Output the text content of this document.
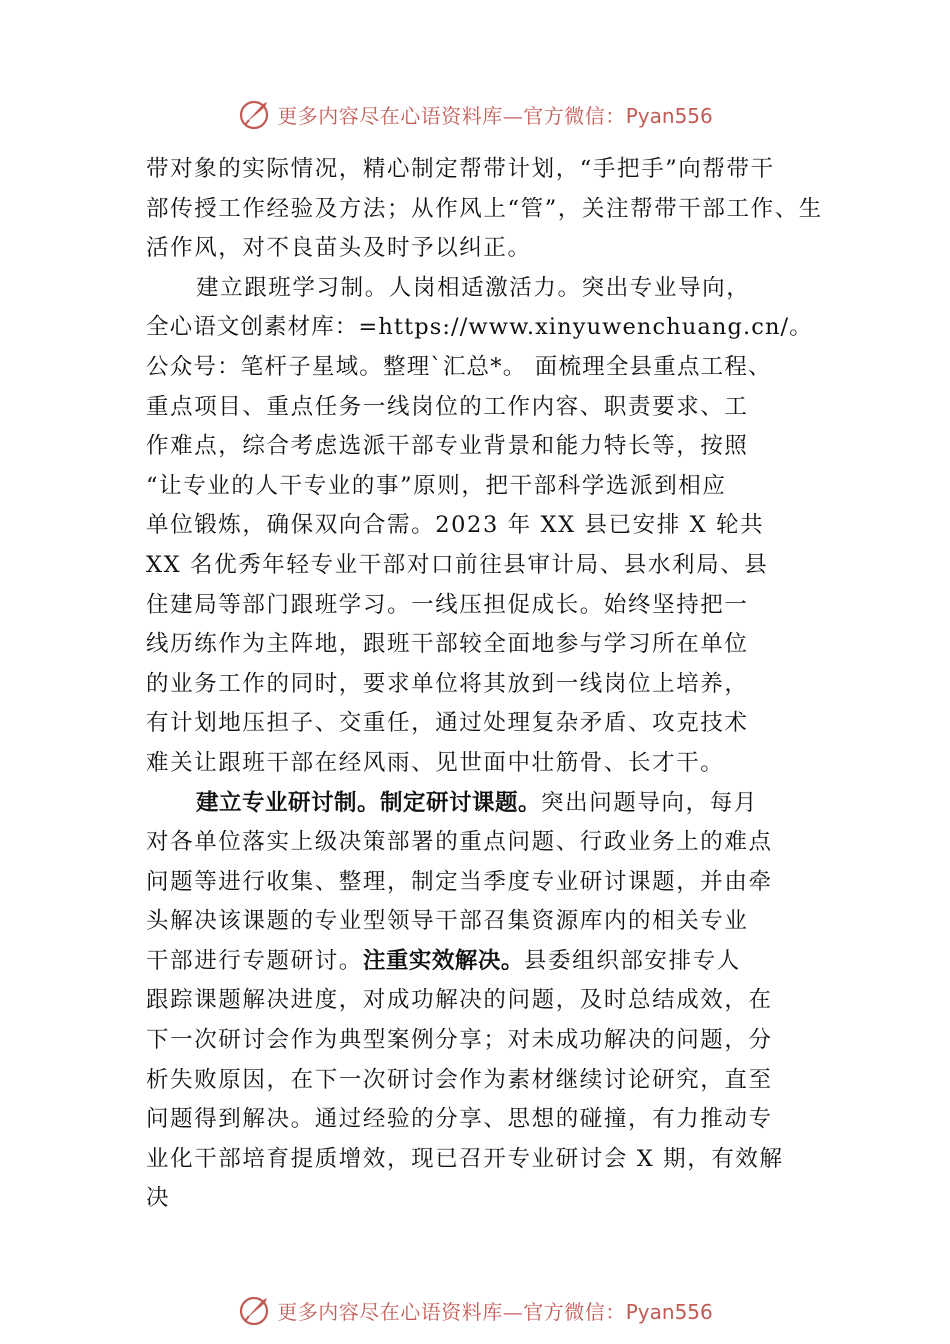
更多内容尽在心语资料库—官方微信：Pyan556
带对象的实际情况，精心制定帮带计划，“手把手”向帮带干
部传授工作经验及方法；从作风上“管”，关注帮带干部工作、生
活作风，对不良苗头及时予以纠正。
建立跟班学习制。人岗相适激活力。突出专业导向，
全心语文创素材库：=https://www.xinyuwenchuang.cn/。
公众号：笔杆子星域。整理`汇总*。 面梳理全县重点工程、
重点项目、重点任务一线岗位的工作内容、职责要求、工
作难点，综合考虑选派干部专业背景和能力特长等，按照
“让专业的人干专业的事”原则，把干部科学选派到相应
单位锻炼，确保双向合需。2023 年 XX 县已安排 X 轮共
XX 名优秀年轻专业干部对口前往县审计局、县水利局、县
住建局等部门跟班学习。一线压担促成长。始终坚持把一
线历练作为主阵地，跟班干部较全面地参与学习所在单位
的业务工作的同时，要求单位将其放到一线岗位上培养，
有计划地压担子、交重任，通过处理复杂矛盾、攻克技术
难关让跟班干部在经风雨、见世面中壮筋骨、长才干。
建立专业研讨制。制定研讨课题。突出问题导向，每月
对各单位落实上级决策部署的重点问题、行政业务上的难点
问题等进行收集、整理，制定当季度专业研讨课题，并由牵
头解决该课题的专业型领导干部召集资源库内的相关专业
干部进行专题研讨。注重实效解决。县委组织部安排专人
跟踪课题解决进度，对成功解决的问题，及时总结成效，在
下一次研讨会作为典型案例分享；对未成功解决的问题，分
析失败原因，在下一次研讨会作为素材继续讨论研究，直至
问题得到解决。通过经验的分享、思想的碰撞，有力推动专
业化干部培育提质增效，现已召开专业研讨会 X 期，有效解
决
更多内容尽在心语资料库—官方微信：Pyan556
